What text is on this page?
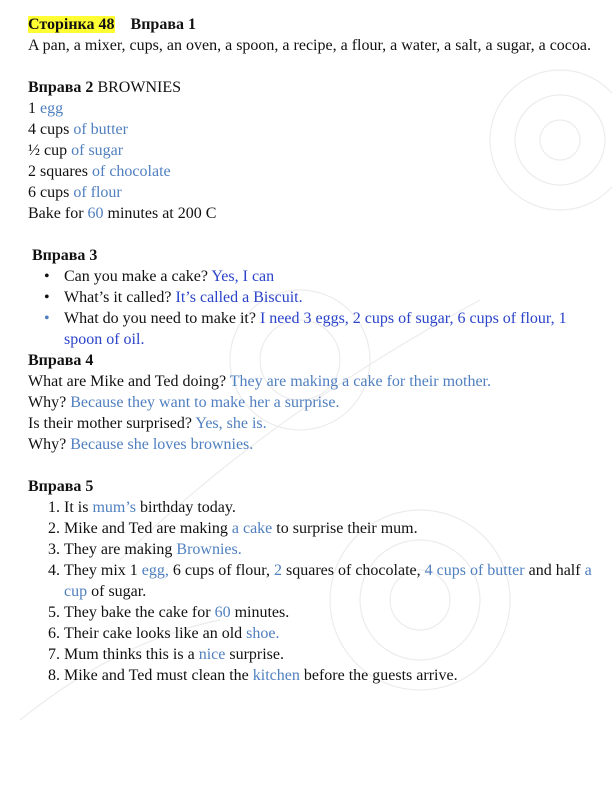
Сторінка 48 Вправа 1

A pan, a mixer, cups, an oven, a spoon, a recipe, a flour, a water, a salt, a sugar, a cocoa.

Вправа 2 BROWNIES

1 egg

4 cups of butter

½ cup of sugar

2 squares of chocolate

6 cups of flour

Bake for 60 minutes at 200 C

Вправа 3

• Can you make a cake? Yes, I can
• What’s it called? It’s called a Biscuit.
• What do you need to make it? I need 3 eggs, 2 cups of sugar, 6 cups of flour, 1 spoon of oil.

Вправа 4

What are Mike and Ted doing? They are making a cake for their mother.

Why? Because they want to make her a surprise.

Is their mother surprised? Yes, she is.

Why? Because she loves brownies.

Вправа 5

1. It is mum’s birthday today.
2. Mike and Ted are making a cake to surprise their mum.
3. They are making Brownies.
4. They mix 1 egg, 6 cups of flour, 2 squares of chocolate, 4 cups of butter and half a cup of sugar.
5. They bake the cake for 60 minutes.
6. Their cake looks like an old shoe.
7. Mum thinks this is a nice surprise.
8. Mike and Ted must clean the kitchen before the guests arrive.
